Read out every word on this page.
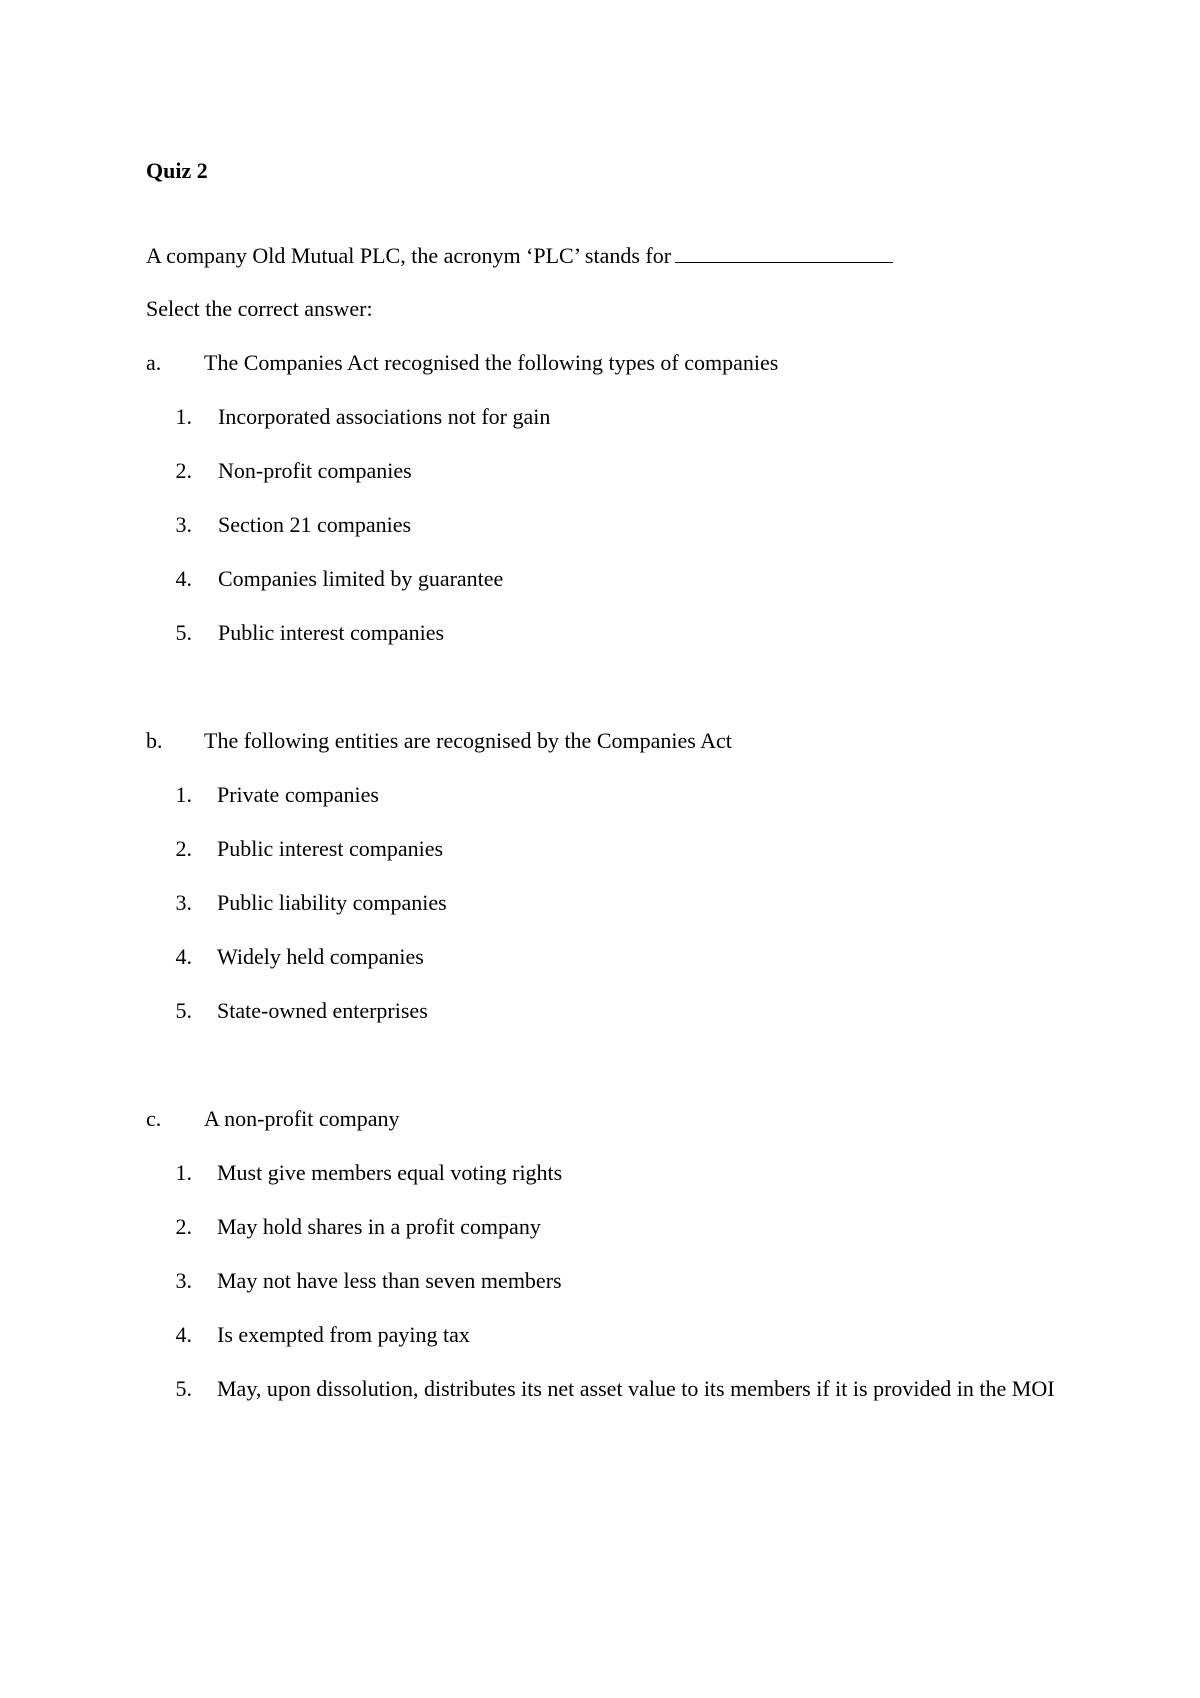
Quiz 2
A company Old Mutual PLC, the acronym ‘PLC’ stands for
Select the correct answer:
a. The Companies Act recognised the following types of companies
1. Incorporated associations not for gain
2. Non-profit companies
3. Section 21 companies
4. Companies limited by guarantee
5. Public interest companies
b. The following entities are recognised by the Companies Act
1. Private companies
2. Public interest companies
3. Public liability companies
4. Widely held companies
5. State-owned enterprises
c. A non-profit company
1. Must give members equal voting rights
2. May hold shares in a profit company
3. May not have less than seven members
4. Is exempted from paying tax
5. May, upon dissolution, distributes its net asset value to its members if it is provided in the MOI
